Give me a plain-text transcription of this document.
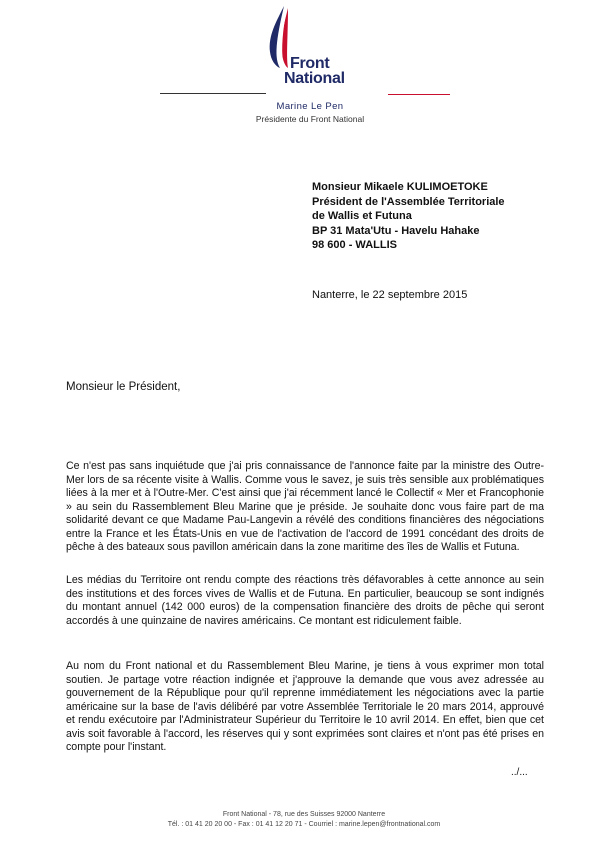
Front
National
Marine Le Pen
Présidente du Front National
Monsieur Mikaele KULIMOETOKE
Président de l'Assemblée Territoriale
de Wallis et Futuna
BP 31 Mata'Utu - Havelu Hahake
98 600 - WALLIS
Nanterre, le 22 septembre 2015
Monsieur le Président,

Ce n'est pas sans inquiétude que j'ai pris connaissance de l'annonce faite par la ministre des Outre-Mer lors de sa récente visite à Wallis. Comme vous le savez, je suis très sensible aux problématiques liées à la mer et à l'Outre-Mer. C'est ainsi que j'ai récemment lancé le Collectif « Mer et Francophonie » au sein du Rassemblement Bleu Marine que je préside. Je souhaite donc vous faire part de ma solidarité devant ce que Madame Pau-Langevin a révélé des conditions financières des négociations entre la France et les États-Unis en vue de l'activation de l'accord de 1991 concédant des droits de pêche à des bateaux sous pavillon américain dans la zone maritime des îles de Wallis et Futuna.

Les médias du Territoire ont rendu compte des réactions très défavorables à cette annonce au sein des institutions et des forces vives de Wallis et de Futuna. En particulier, beaucoup se sont indignés du montant annuel (142 000 euros) de la compensation financière des droits de pêche qui seront accordés à une quinzaine de navires américains. Ce montant est ridiculement faible.

Au nom du Front national et du Rassemblement Bleu Marine, je tiens à vous exprimer mon total soutien. Je partage votre réaction indignée et j'approuve la demande que vous avez adressée au gouvernement de la République pour qu'il reprenne immédiatement les négociations avec la partie américaine sur la base de l'avis délibéré par votre Assemblée Territoriale le 20 mars 2014, approuvé et rendu exécutoire par l'Administrateur Supérieur du Territoire le 10 avril 2014. En effet, bien que cet avis soit favorable à l'accord, les réserves qui y sont exprimées sont claires et n'ont pas été prises en compte pour l'instant.

../...
Front National - 78, rue des Suisses 92000 Nanterre
Tél. : 01 41 20 20 00 - Fax : 01 41 12 20 71 - Courriel : marine.lepen@frontnational.com
